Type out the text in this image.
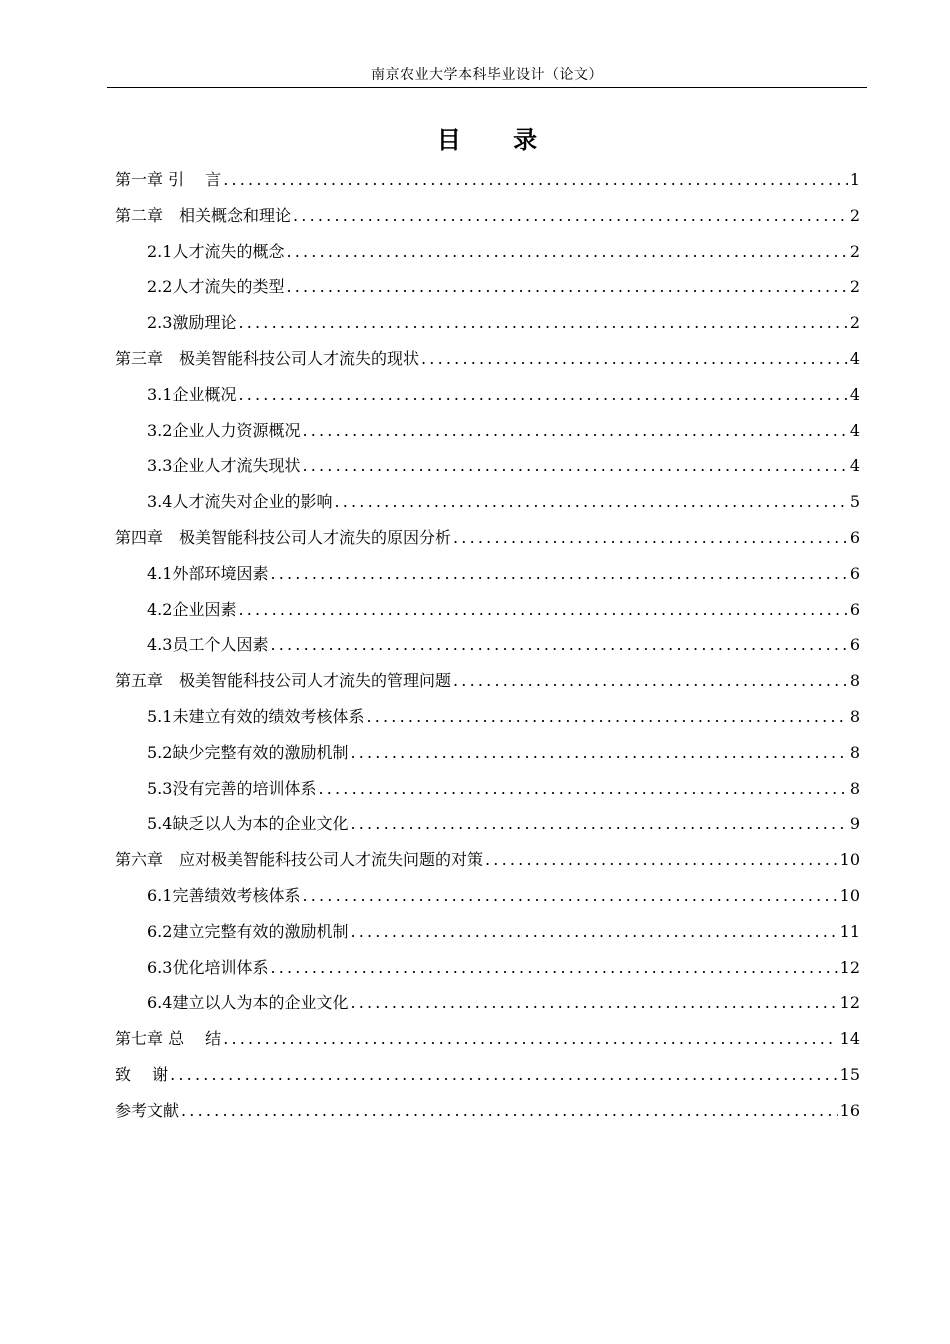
南京农业大学本科毕业设计（论文）
目 录
第一章 引　 言 .....	1
第二章　相关概念和理论 .....	2
2.1人才流失的概念 .....	2
2.2人才流失的类型 .....	2
2.3激励理论 .....	2
第三章　极美智能科技公司人才流失的现状 .....	4
3.1企业概况 .....	4
3.2企业人力资源概况 .....	4
3.3企业人才流失现状 .....	4
3.4人才流失对企业的影响 .....	5
第四章　极美智能科技公司人才流失的原因分析 .....	6
4.1外部环境因素 .....	6
4.2企业因素 .....	6
4.3员工个人因素 .....	6
第五章　极美智能科技公司人才流失的管理问题 .....	8
5.1未建立有效的绩效考核体系 .....	8
5.2缺少完整有效的激励机制 .....	8
5.3没有完善的培训体系 .....	8
5.4缺乏以人为本的企业文化 .....	9
第六章　应对极美智能科技公司人才流失问题的对策 .....	10
6.1完善绩效考核体系 .....	10
6.2建立完整有效的激励机制 .....	11
6.3优化培训体系 .....	12
6.4建立以人为本的企业文化 .....	12
第七章 总　 结 .....	14
致　 谢 .....	15
参考文献 .....	16
